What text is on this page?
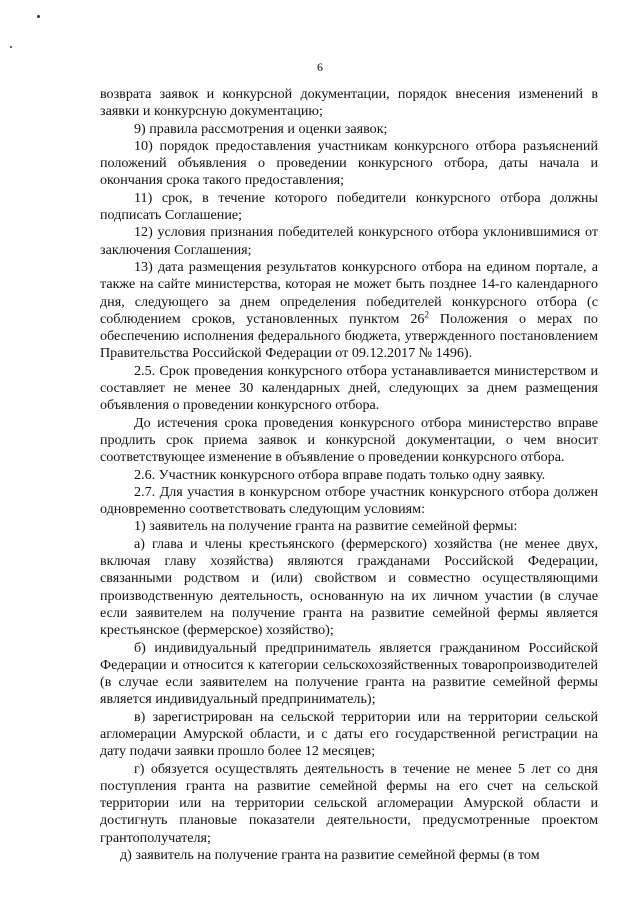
6

возврата заявок и конкурсной документации, порядок внесения изменений в заявки и конкурсную документацию;

9) правила рассмотрения и оценки заявок;

10) порядок предоставления участникам конкурсного отбора разъяснений положений объявления о проведении конкурсного отбора, даты начала и окончания срока такого предоставления;

11) срок, в течение которого победители конкурсного отбора должны подписать Соглашение;

12) условия признания победителей конкурсного отбора уклонившимися от заключения Соглашения;

13) дата размещения результатов конкурсного отбора на едином портале, а также на сайте министерства, которая не может быть позднее 14-го календарного дня, следующего за днем определения победителей конкурсного отбора (с соблюдением сроков, установленных пунктом $26^2$ Положения о мерах по обеспечению исполнения федерального бюджета, утвержденного постановлением Правительства Российской Федерации от 09.12.2017 № 1496).

2.5. Срок проведения конкурсного отбора устанавливается министерством и составляет не менее 30 календарных дней, следующих за днем размещения объявления о проведении конкурсного отбора.

До истечения срока проведения конкурсного отбора министерство вправе продлить срок приема заявок и конкурсной документации, о чем вносит соответствующее изменение в объявление о проведении конкурсного отбора.

2.6. Участник конкурсного отбора вправе подать только одну заявку.

2.7. Для участия в конкурсном отборе участник конкурсного отбора должен одновременно соответствовать следующим условиям:

1) заявитель на получение гранта на развитие семейной фермы:

а) глава и члены крестьянского (фермерского) хозяйства (не менее двух, включая главу хозяйства) являются гражданами Российской Федерации, связанными родством и (или) свойством и совместно осуществляющими производственную деятельность, основанную на их личном участии (в случае если заявителем на получение гранта на развитие семейной фермы является крестьянское (фермерское) хозяйство);

б) индивидуальный предприниматель является гражданином Российской Федерации и относится к категории сельскохозяйственных товаропроизводителей (в случае если заявителем на получение гранта на развитие семейной фермы является индивидуальный предприниматель);

в) зарегистрирован на сельской территории или на территории сельской агломерации Амурской области, и с даты его государственной регистрации на дату подачи заявки прошло более 12 месяцев;

г) обязуется осуществлять деятельность в течение не менее 5 лет со дня поступления гранта на развитие семейной фермы на его счет на сельской территории или на территории сельской агломерации Амурской области и достигнуть плановые показатели деятельности, предусмотренные проектом грантополучателя;

д) заявитель на получение гранта на развитие семейной фермы (в том
